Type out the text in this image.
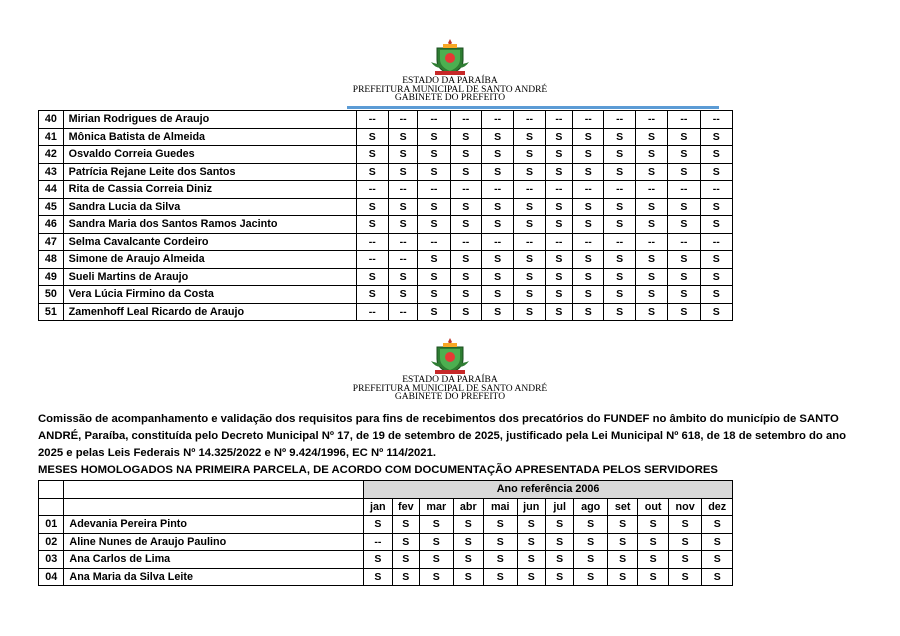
ESTADO DA PARAÍBA
PREFEITURA MUNICIPAL DE SANTO ANDRÉ
GABINETE DO PREFEITO
40	Mirian Rodrigues de Araujo	--	--	--	--	--	--	--	--	--	--	--	--
41	Mônica Batista de Almeida	S	S	S	S	S	S	S	S	S	S	S	S
42	Osvaldo Correia Guedes	S	S	S	S	S	S	S	S	S	S	S	S
43	Patrícia Rejane Leite dos Santos	S	S	S	S	S	S	S	S	S	S	S	S
44	Rita de Cassia Correia Diniz	--	--	--	--	--	--	--	--	--	--	--	--
45	Sandra Lucia da Silva	S	S	S	S	S	S	S	S	S	S	S	S
46	Sandra Maria dos Santos Ramos Jacinto	S	S	S	S	S	S	S	S	S	S	S	S
47	Selma Cavalcante Cordeiro	--	--	--	--	--	--	--	--	--	--	--	--
48	Simone de Araujo Almeida	--	--	S	S	S	S	S	S	S	S	S	S
49	Sueli Martins de Araujo	S	S	S	S	S	S	S	S	S	S	S	S
50	Vera Lúcia Firmino da Costa	S	S	S	S	S	S	S	S	S	S	S	S
51	Zamenhoff Leal Ricardo de Araujo	--	--	S	S	S	S	S	S	S	S	S	S
ESTADO DA PARAÍBA
PREFEITURA MUNICIPAL DE SANTO ANDRÉ
GABINETE DO PREFEITO

Comissão de acompanhamento e validação dos requisitos para fins de recebimentos dos precatórios do FUNDEF no âmbito do município de SANTO ANDRÉ, Paraíba, constituída pelo Decreto Municipal Nº 17, de 19 de setembro de 2025, justificado pela Lei Municipal Nº 618, de 18 de setembro do ano 2025 e pelas Leis Federais Nº 14.325/2022 e Nº 9.424/1996, EC Nº 114/2021.

MESES HOMOLOGADOS NA PRIMEIRA PARCELA, DE ACORDO COM DOCUMENTAÇÃO APRESENTADA PELOS SERVIDORES

		Ano referência 2006											
		jan	fev	mar	abr	mai	jun	jul	ago	set	out	nov	dez
01	Adevania Pereira Pinto	S	S	S	S	S	S	S	S	S	S	S	S
02	Aline Nunes de Araujo Paulino	--	S	S	S	S	S	S	S	S	S	S	S
03	Ana Carlos de Lima	S	S	S	S	S	S	S	S	S	S	S	S
04	Ana Maria da Silva Leite	S	S	S	S	S	S	S	S	S	S	S	S
